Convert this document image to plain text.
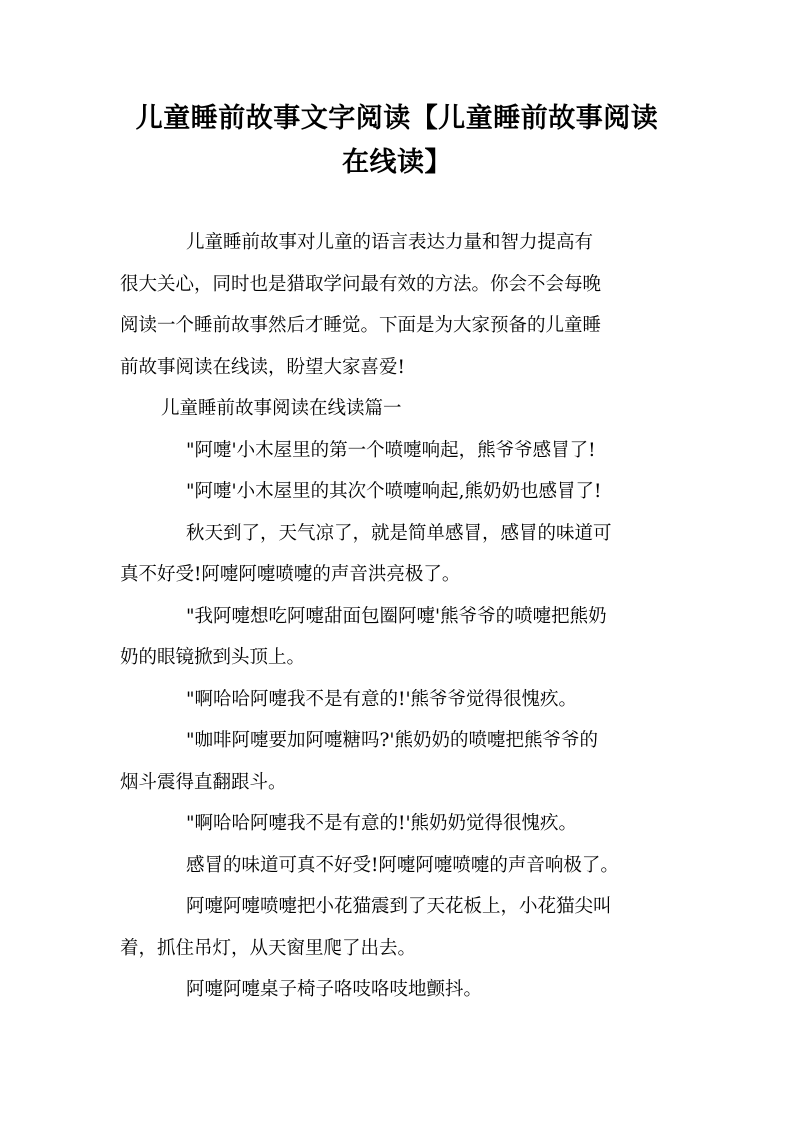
儿童睡前故事文字阅读【儿童睡前故事阅读
在线读】

儿童睡前故事对儿童的语言表达力量和智力提高有
很大关心，同时也是猎取学问最有效的方法。你会不会每晚
阅读一个睡前故事然后才睡觉。下面是为大家预备的儿童睡
前故事阅读在线读，盼望大家喜爱!

儿童睡前故事阅读在线读篇一

"阿嚏'小木屋里的第一个喷嚏响起，熊爷爷感冒了!

"阿嚏'小木屋里的其次个喷嚏响起,熊奶奶也感冒了!

秋天到了，天气凉了，就是简单感冒，感冒的味道可
真不好受!阿嚏阿嚏喷嚏的声音洪亮极了。

"我阿嚏想吃阿嚏甜面包圈阿嚏'熊爷爷的喷嚏把熊奶
奶的眼镜掀到头顶上。

"啊哈哈阿嚏我不是有意的!'熊爷爷觉得很愧疚。

"咖啡阿嚏要加阿嚏糖吗?'熊奶奶的喷嚏把熊爷爷的
烟斗震得直翻跟斗。

"啊哈哈阿嚏我不是有意的!'熊奶奶觉得很愧疚。

感冒的味道可真不好受!阿嚏阿嚏喷嚏的声音响极了。

阿嚏阿嚏喷嚏把小花猫震到了天花板上，小花猫尖叫
着，抓住吊灯，从天窗里爬了出去。

阿嚏阿嚏桌子椅子咯吱咯吱地颤抖。
